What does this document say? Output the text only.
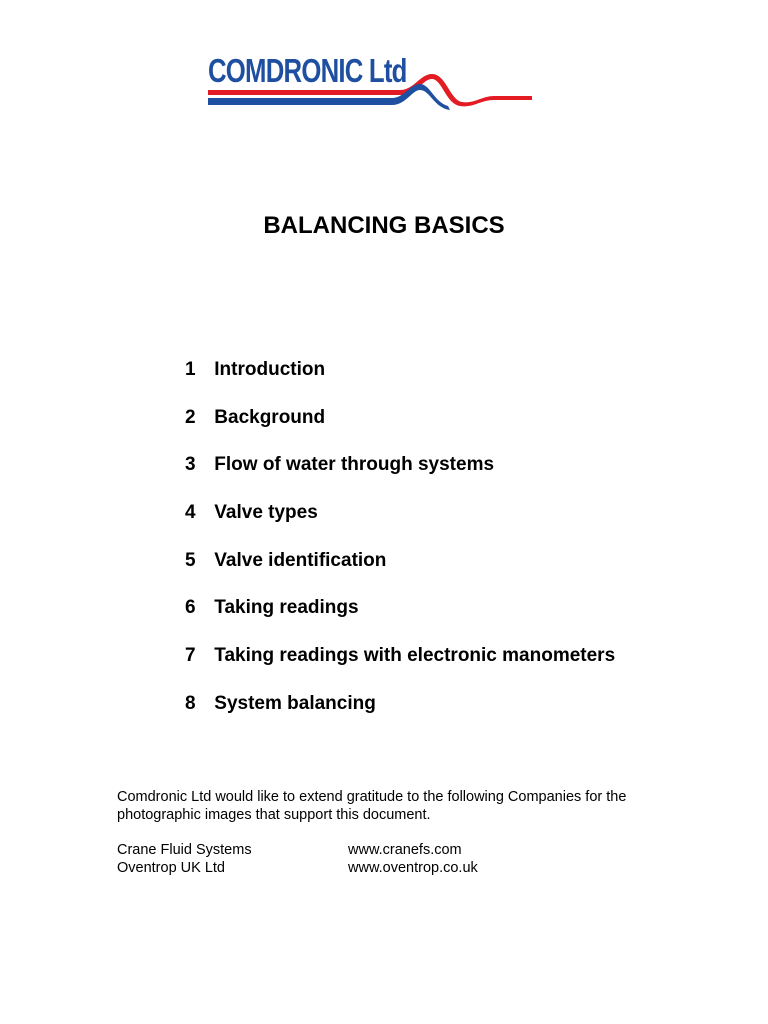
COMDRONIC Ltd
BALANCING BASICS
1 Introduction
2 Background
3 Flow of water through systems
4 Valve types
5 Valve identification
6 Taking readings
7 Taking readings with electronic manometers
8 System balancing

Comdronic Ltd would like to extend gratitude to the following Companies for the photographic images that support this document.

Crane Fluid Systems	www.cranefs.com
Oventrop UK Ltd	www.oventrop.co.uk
